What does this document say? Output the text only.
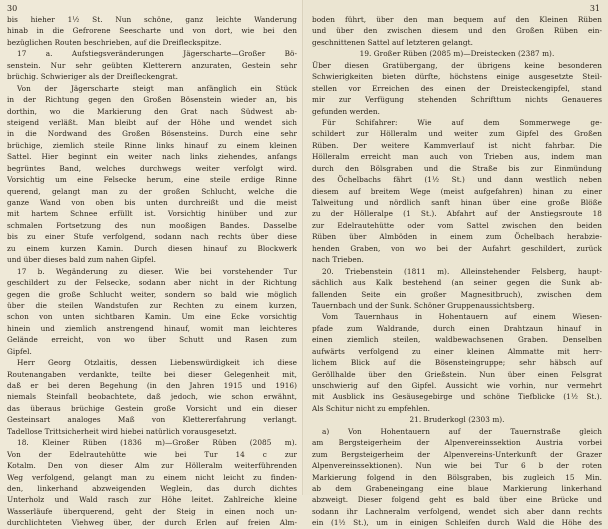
30
bis hieher 1½ St. Nun schöne, ganz leichte Wanderung
hinab in die Gefrorene Seescharte und von dort, wie bei den
bezüglichen Routen beschrieben, auf die Dreifleckspitze.
17 a. Aufstiegsveränderungen Jägerscharte—Großer Bö-
senstein. Nur sehr geübten Kletterern anzuraten, Gestein sehr
brüchig. Schwieriger als der Dreifleckengrat.
Von der Jägerscharte steigt man anfänglich ein Stück
in der Richtung gegen den Großen Bösenstein wieder an, bis
dorthin, wo die Markierung den Grat nach Südwest ab-
steigend verläßt. Man bleibt auf der Höhe und wendet sich
in die Nordwand des Großen Bösensteins. Durch eine sehr
brüchige, ziemlich steile Rinne links hinauf zu einem kleinen
Sattel. Hier beginnt ein weiter nach links ziehendes, anfangs
begrüntes Band, welches durchwegs weiter verfolgt wird.
Vorsichtig um eine Felsecke herum, eine steile erdige Rinne
querend, gelangt man zu der großen Schlucht, welche die
ganze Wand von oben bis unten durchreißt und die meist
mit hartem Schnee erfüllt ist. Vorsichtig hinüber und zur
schmalen Fortsetzung des nun mooßigen Bandes. Dasselbe
bis zu einer Stufe verfolgend, sodann nach rechts über diese
zu einem kurzen Kamin. Durch diesen hinauf zu Blockwerk
und über dieses bald zum nahen Gipfel.
17 b. Wegänderung zu dieser. Wie bei vorstehender Tur
geschildert zu der Felsecke, sodann aber nicht in der Richtung
gegen die große Schlucht weiter, sondern so bald wie möglich
über die steilen Wandstufen zur Rechten zu einem kurzen,
schon von unten sichtbaren Kamin. Um eine Ecke vorsichtig
hinein und ziemlich anstrengend hinauf, womit man leichteres
Gelände erreicht, von wo über Schutt und Rasen zum
Gipfel.
Herr Georg Otzlaitis, dessen Liebenswürdigkeit ich diese
Routenangaben verdankte, teilte bei dieser Gelegenheit mit,
daß er bei deren Begehung (in den Jahren 1915 und 1916)
niemals Steinfall beobachtete, daß jedoch, wie schon erwähnt,
das überaus brüchige Gestein große Vorsicht und ein dieser
Gesteinsart analoges Maß von Klettererfahrung verlangt.
Tadellose Trittsicherheit wird hiebei natürlich vorausgesetzt.
18. Kleiner Rüben (1836 m)—Großer Rüben (2085 m).
Von der Edelrautehütte wie bei Tur 14 c zur
Kotalm. Den von dieser Alm zur Hölleralm weiterführenden
Weg verfolgend, gelangt man zu einem nicht leicht zu finden-
den, linkerhand abzweigenden Weglein, das durch dichtes
Unterholz und Wald rasch zur Höhe leitet. Zahlreiche kleine
Wasserläufe überquerend, geht der Steig in einen noch un-
durchlichteten Viehweg über, der durch Erlen auf freien Alm-
31
boden führt, über den man bequem auf den Kleinen Rüben
und über den zwischen diesem und den Großen Rüben ein-
geschnittenen Sattel auf letzteren gelangt.
19. Großer Rüben (2085 m)—Dreistecken (2387 m).
Über diesen Gratübergang, der übrigens keine besonderen
Schwierigkeiten bieten dürfte, höchstens einige ausgesetzte Steil-
stellen vor Erreichen des einen der Dreisteckengipfel, stand
mir zur Verfügung stehenden Schrifttum nichts Genaueres
gefunden werden.
Für Schifahrer: Wie auf dem Sommerwege ge-
schildert zur Hölleralm und weiter zum Gipfel des Großen
Rüben. Der weitere Kammverlauf ist nicht fahrbar. Die
Hölleralm erreicht man auch von Trieben aus, indem man
durch den Bölsgraben und die Straße bis zur Einmündung
des Öchelbachs fährt (1½ St.) und dann westlich neben
diesem auf breitem Wege (meist aufgefahren) hinan zu einer
Talweitung und nördlich sanft hinan über eine große Blöße
zu der Hölleralpe (1 St.). Abfahrt auf der Anstiegsroute 18
zur Edelrautehütte oder vom Sattel zwischen den beiden
Rüben über Almböden in einem zum Öchelbach herabzie-
henden Graben, von wo bei der Aufahrt geschildert, zurück
nach Trieben.
20. Triebenstein (1811 m). Alleinstehender Felsberg, haupt-
sächlich aus Kalk bestehend (an seiner gegen die Sunk ab-
fallenden Seite ein großer Magnesitbruch), zwischen dem
Tauernbach und der Sunk. Schöner Gruppenaussichtsberg.
Vom Tauernhaus in Hohentauern auf einem Wiesen-
pfade zum Waldrande, durch einen Drahtzaun hinauf in
einen ziemlich steilen, waldbewachsenen Graben. Denselben
aufwärts verfolgend zu einer kleinen Almmatte mit herr-
lichem Blick auf die Bösensteingruppe; sehr häbsch auf
Geröllhalde über den Grießstein. Nun über einen Felsgrat
unschwierig auf den Gipfel. Aussicht wie vorhin, nur vermehrt
mit Ausblick ins Gesäusegebirge und schöne Tiefblicke (1½ St.).
Als Schitur nicht zu empfehlen.
21. Bruderkogl (2303 m).
a) Von Hohentauern auf der Tauernstraße gleich
am Bergsteigerheim der Alpenvereinssektion Austria vorbei
zum Bergsteigerheim der Alpenvereins-Unterkunft der Grazer
Alpenvereinssektionen). Nun wie bei Tur 6 b der roten
Markierung folgend in den Bölsgraben, bis zugleich 15 Min.
ab dem Grabeneingang eine blaue Markierung linkerhand
abzweigt. Dieser folgend geht es bald über eine Brücke und
sodann ihr Lachneralm verfolgend, wendet sich aber dann rechts
ein (1½ St.), um in einigen Schleifen durch Wald die Höhe des
